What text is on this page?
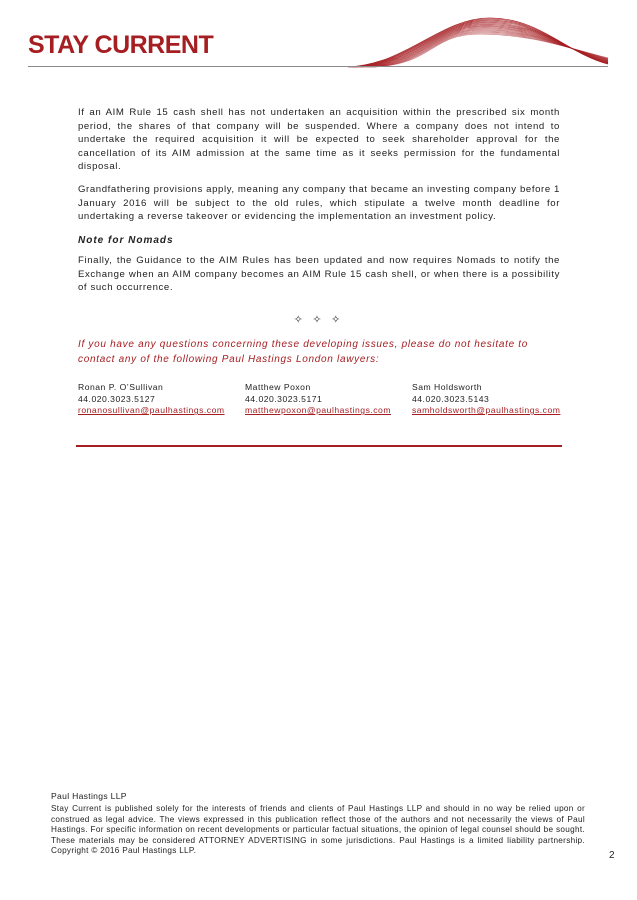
STAY CURRENT
If an AIM Rule 15 cash shell has not undertaken an acquisition within the prescribed six month period, the shares of that company will be suspended. Where a company does not intend to undertake the required acquisition it will be expected to seek shareholder approval for the cancellation of its AIM admission at the same time as it seeks permission for the fundamental disposal.
Grandfathering provisions apply, meaning any company that became an investing company before 1 January 2016 will be subject to the old rules, which stipulate a twelve month deadline for undertaking a reverse takeover or evidencing the implementation an investment policy.
Note for Nomads
Finally, the Guidance to the AIM Rules has been updated and now requires Nomads to notify the Exchange when an AIM company becomes an AIM Rule 15 cash shell, or when there is a possibility of such occurrence.
✧ ✧ ✧
If you have any questions concerning these developing issues, please do not hesitate to contact any of the following Paul Hastings London lawyers:
Ronan P. O’Sullivan
44.020.3023.5127
ronanosullivan@paulhastings.com
Matthew Poxon
44.020.3023.5171
matthewpoxon@paulhastings.com
Sam Holdsworth
44.020.3023.5143
samholdsworth@paulhastings.com
Paul Hastings LLP
Stay Current is published solely for the interests of friends and clients of Paul Hastings LLP and should in no way be relied upon or construed as legal advice. The views expressed in this publication reflect those of the authors and not necessarily the views of Paul Hastings. For specific information on recent developments or particular factual situations, the opinion of legal counsel should be sought. These materials may be considered ATTORNEY ADVERTISING in some jurisdictions. Paul Hastings is a limited liability partnership. Copyright © 2016 Paul Hastings LLP.	2
